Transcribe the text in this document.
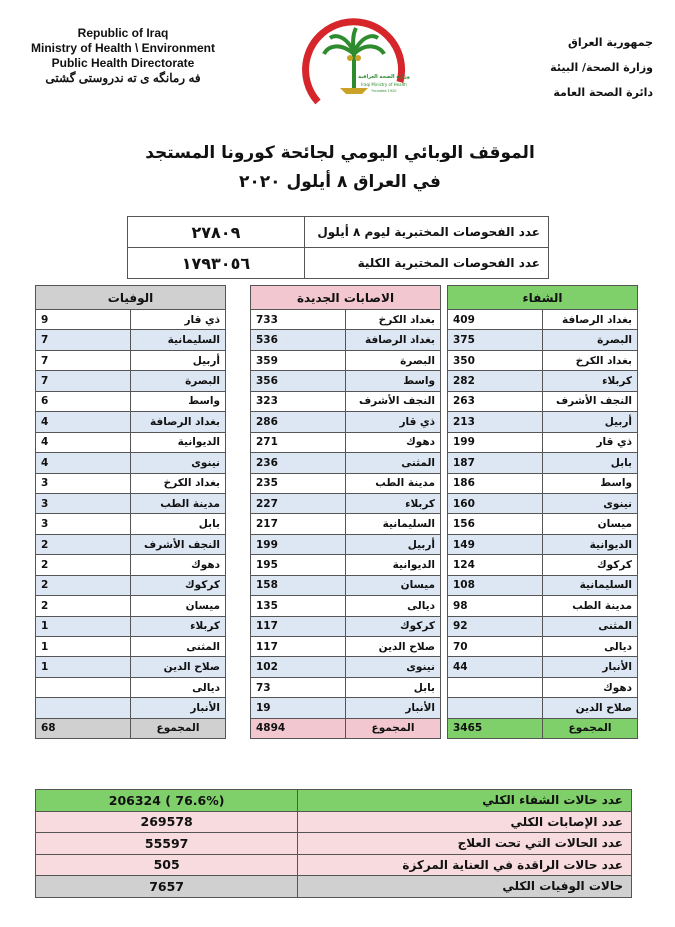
Republic of Iraq
Ministry of Health \ Environment
Public Health Directorate
فه رمانگه ی ته ندروستی گشتی
جمهورية العراق
وزارة الصحة/ البيئة
دائرة الصحة العامة
وزارة الصحة العراقية
Iraqi Ministry of Health
Founded 1920
الموقف الوبائي اليومي لجائحة كورونا المستجد
في العراق ٨ أيلول ٢٠٢٠
عدد الفحوصات المختبرية ليوم ٨ أيلول	٢٧٨٠٩
عدد الفحوصات المختبرية الكلية	١٧٩٣٠٥٦
الشفاء	
بغداد الرصافة	409
البصرة	375
بغداد الكرخ	350
كربلاء	282
النجف الأشرف	263
أربيل	213
ذي قار	199
بابل	187
واسط	186
نينوى	160
ميسان	156
الديوانية	149
كركوك	124
السليمانية	108
مدينة الطب	98
المثنى	92
ديالى	70
الأنبار	44
دهوك	
صلاح الدين	
المجموع	3465
الاصابات الجديدة	
بغداد الكرخ	733
بغداد الرصافة	536
البصرة	359
واسط	356
النجف الأشرف	323
ذي قار	286
دهوك	271
المثنى	236
مدينة الطب	235
كربلاء	227
السليمانية	217
أربيل	199
الديوانية	195
ميسان	158
ديالى	135
كركوك	117
صلاح الدين	117
نينوى	102
بابل	73
الأنبار	19
المجموع	4894
الوفيات	
ذي قار	9
السليمانية	7
أربيل	7
البصرة	7
واسط	6
بغداد الرصافة	4
الديوانية	4
نينوى	4
بغداد الكرخ	3
مدينة الطب	3
بابل	3
النجف الأشرف	2
دهوك	2
كركوك	2
ميسان	2
كربلاء	1
المثنى	1
صلاح الدين	1
ديالى	
الأنبار	
المجموع	68
عدد حالات الشفاء الكلي	(76.6% ) 206324
عدد الإصابات الكلي	269578
عدد الحالات التي تحت العلاج	55597
عدد حالات الراقدة في العناية المركزة	505
حالات الوفيات الكلي	7657
